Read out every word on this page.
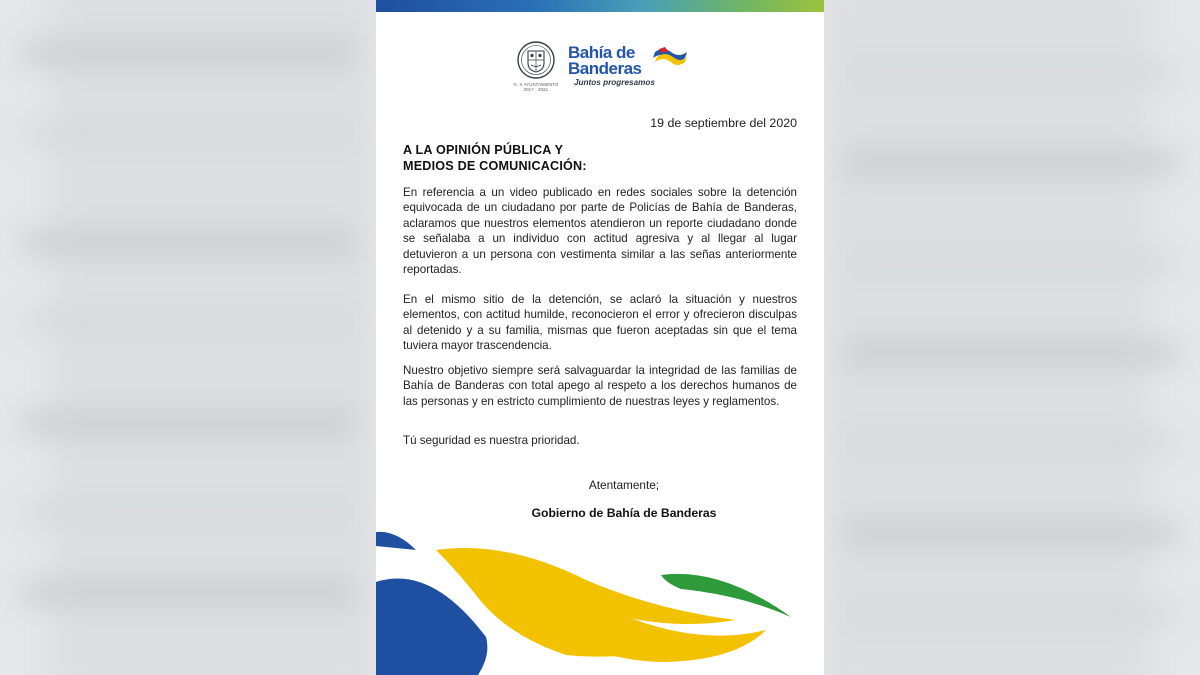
H. X AYUNTAMIENTO
2017 · 2021
Bahía de
Banderas
Juntos progresamos
19 de septiembre del 2020
A LA OPINIÓN PÚBLICA Y
MEDIOS DE COMUNICACIÓN:
En referencia a un video publicado en redes sociales sobre la detención equivocada de un ciudadano por parte de Policías de Bahía de Banderas, aclaramos que nuestros elementos atendieron un reporte ciudadano donde se señalaba a un individuo con actitud agresiva y al llegar al lugar detuvieron a un persona con vestimenta similar a las señas anteriormente reportadas.
En el mismo sitio de la detención, se aclaró la situación y nuestros elementos, con actitud humilde, reconocieron el error y ofrecieron disculpas al detenido y a su familia, mismas que fueron aceptadas sin que el tema tuviera mayor trascendencia.
Nuestro objetivo siempre será salvaguardar la integridad de las familias de Bahía de Banderas con total apego al respeto a los derechos humanos de las personas y en estricto cumplimiento de nuestras leyes y reglamentos.
Tú seguridad es nuestra prioridad.
Atentamente;
Gobierno de Bahía de Banderas
